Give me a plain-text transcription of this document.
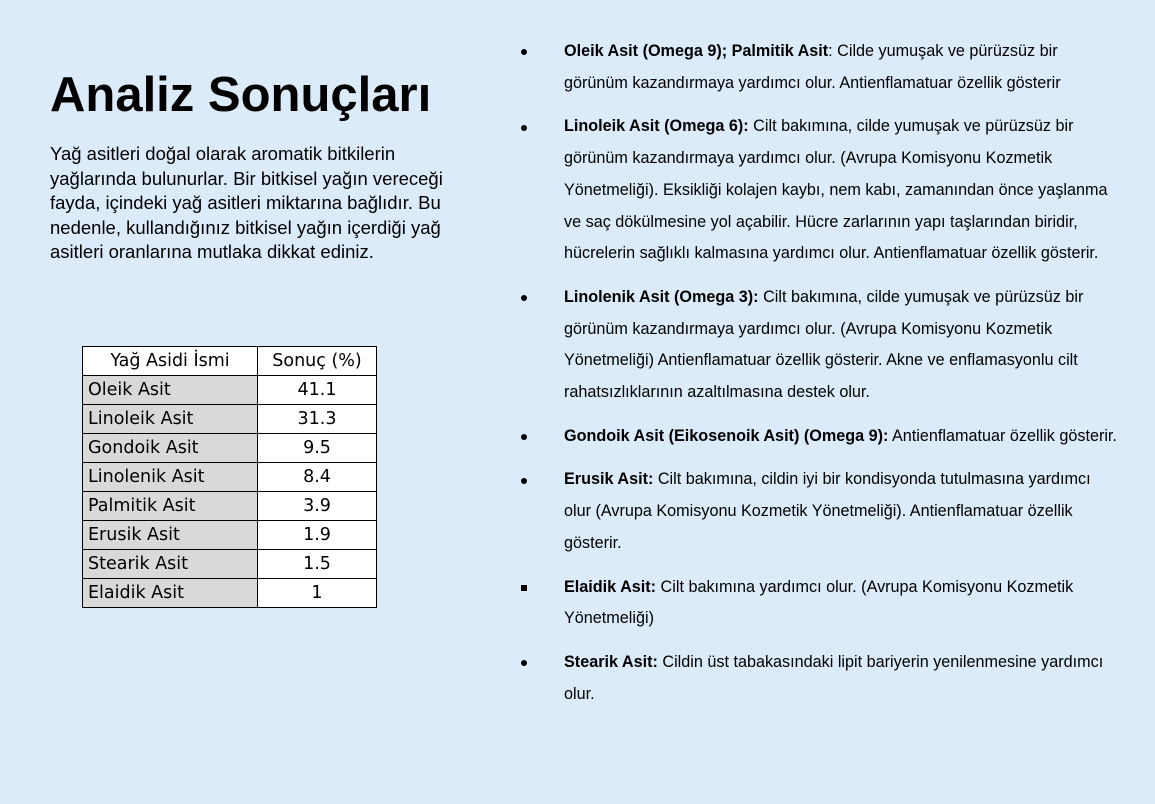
Analiz Sonuçları
Yağ asitleri doğal olarak aromatik bitkilerin yağlarında bulunurlar. Bir bitkisel yağın vereceği fayda, içindeki yağ asitleri miktarına bağlıdır. Bu nedenle, kullandığınız bitkisel yağın içerdiği yağ asitleri oranlarına mutlaka dikkat ediniz.
Yağ Asidi İsmi	Sonuç (%)
Oleik Asit	41.1
Linoleik Asit	31.3
Gondoik Asit	9.5
Linolenik Asit	8.4
Palmitik Asit	3.9
Erusik Asit	1.9
Stearik Asit	1.5
Elaidik Asit	1
Oleik Asit (Omega 9); Palmitik Asit: Cilde yumuşak ve pürüzsüz bir görünüm kazandırmaya yardımcı olur. Antienflamatuar özellik gösterir
Linoleik Asit (Omega 6): Cilt bakımına, cilde yumuşak ve pürüzsüz bir görünüm kazandırmaya yardımcı olur. (Avrupa Komisyonu Kozmetik Yönetmeliği). Eksikliği kolajen kaybı, nem kabı, zamanından önce yaşlanma ve saç dökülmesine yol açabilir. Hücre zarlarının yapı taşlarından biridir, hücrelerin sağlıklı kalmasına yardımcı olur. Antienflamatuar özellik gösterir.
Linolenik Asit (Omega 3): Cilt bakımına, cilde yumuşak ve pürüzsüz bir görünüm kazandırmaya yardımcı olur. (Avrupa Komisyonu Kozmetik Yönetmeliği) Antienflamatuar özellik gösterir. Akne ve enflamasyonlu cilt rahatsızlıklarının azaltılmasına destek olur.
Gondoik Asit (Eikosenoik Asit) (Omega 9): Antienflamatuar özellik gösterir.
Erusik Asit: Cilt bakımına, cildin iyi bir kondisyonda tutulmasına yardımcı olur (Avrupa Komisyonu Kozmetik Yönetmeliği). Antienflamatuar özellik gösterir.
Elaidik Asit: Cilt bakımına yardımcı olur. (Avrupa Komisyonu Kozmetik Yönetmeliği)
Stearik Asit: Cildin üst tabakasındaki lipit bariyerin yenilenmesine yardımcı olur.
